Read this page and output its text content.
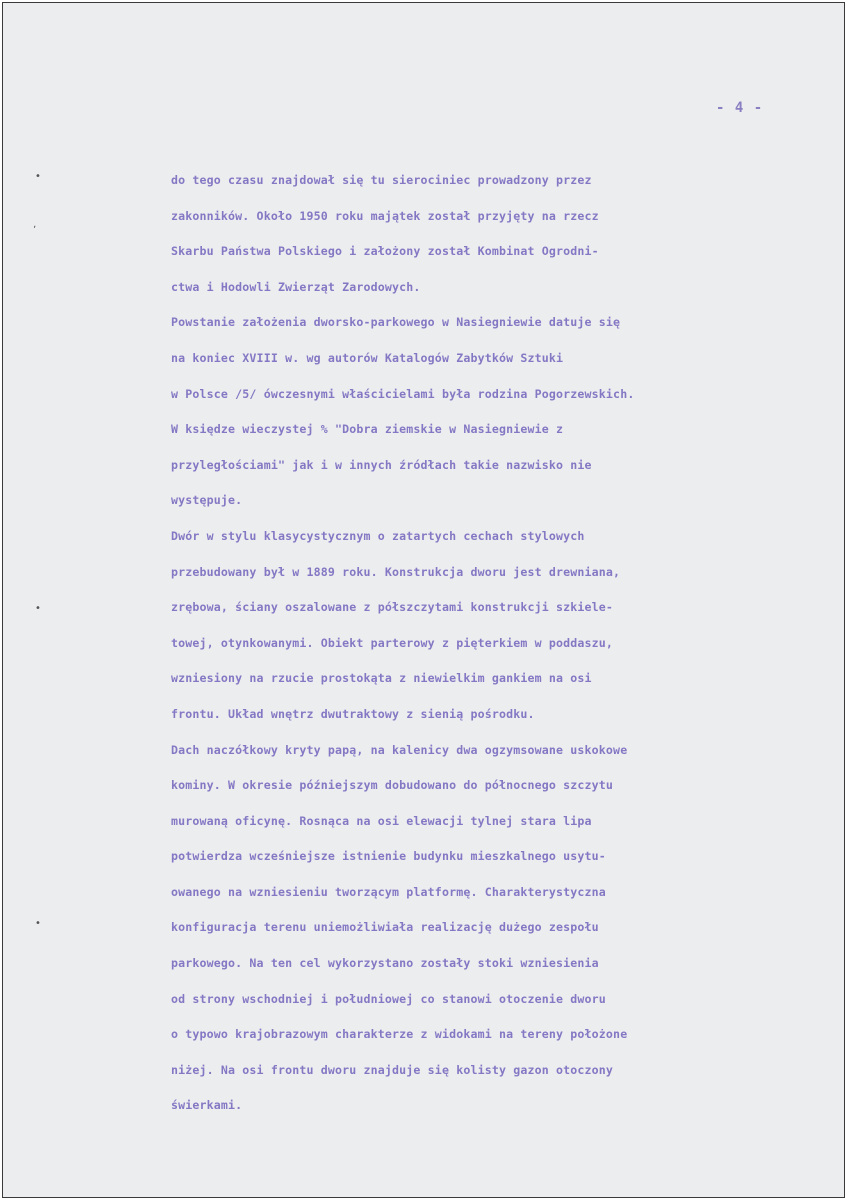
•
ʼ
•
•
- 4 -
do tego czasu znajdował się tu sierociniec prowadzony przez
zakonników. Około 1950 roku majątek został przyjęty na rzecz
Skarbu Państwa Polskiego i założony został Kombinat Ogrodni-
ctwa i Hodowli Zwierząt Zarodowych.
Powstanie założenia dworsko-parkowego w Nasiegniewie datuje się
na koniec XVIII w. wg autorów Katalogów Zabytków Sztuki
w Polsce /5/ ówczesnymi właścicielami była rodzina Pogorzewskich.
W księdze wieczystej % "Dobra ziemskie w Nasiegniewie z
przyległościami" jak i w innych źródłach takie nazwisko nie
występuje.
Dwór w stylu klasycystycznym o zatartych cechach stylowych
przebudowany był w 1889 roku. Konstrukcja dworu jest drewniana,
zrębowa, ściany oszalowane z półszczytami konstrukcji szkiele-
towej, otynkowanymi. Obiekt parterowy z pięterkiem w poddaszu,
wzniesiony na rzucie prostokąta z niewielkim gankiem na osi
frontu. Układ wnętrz dwutraktowy z sienią pośrodku.
Dach naczółkowy kryty papą, na kalenicy dwa ogzymsowane uskokowe
kominy. W okresie późniejszym dobudowano do północnego szczytu
murowaną oficynę. Rosnąca na osi elewacji tylnej stara lipa
potwierdza wcześniejsze istnienie budynku mieszkalnego usytu-
owanego na wzniesieniu tworzącym platformę. Charakterystyczna
konfiguracja terenu uniemożliwiała realizację dużego zespołu
parkowego. Na ten cel wykorzystano zostały stoki wzniesienia
od strony wschodniej i południowej co stanowi otoczenie dworu
o typowo krajobrazowym charakterze z widokami na tereny położone
niżej. Na osi frontu dworu znajduje się kolisty gazon otoczony
świerkami.
